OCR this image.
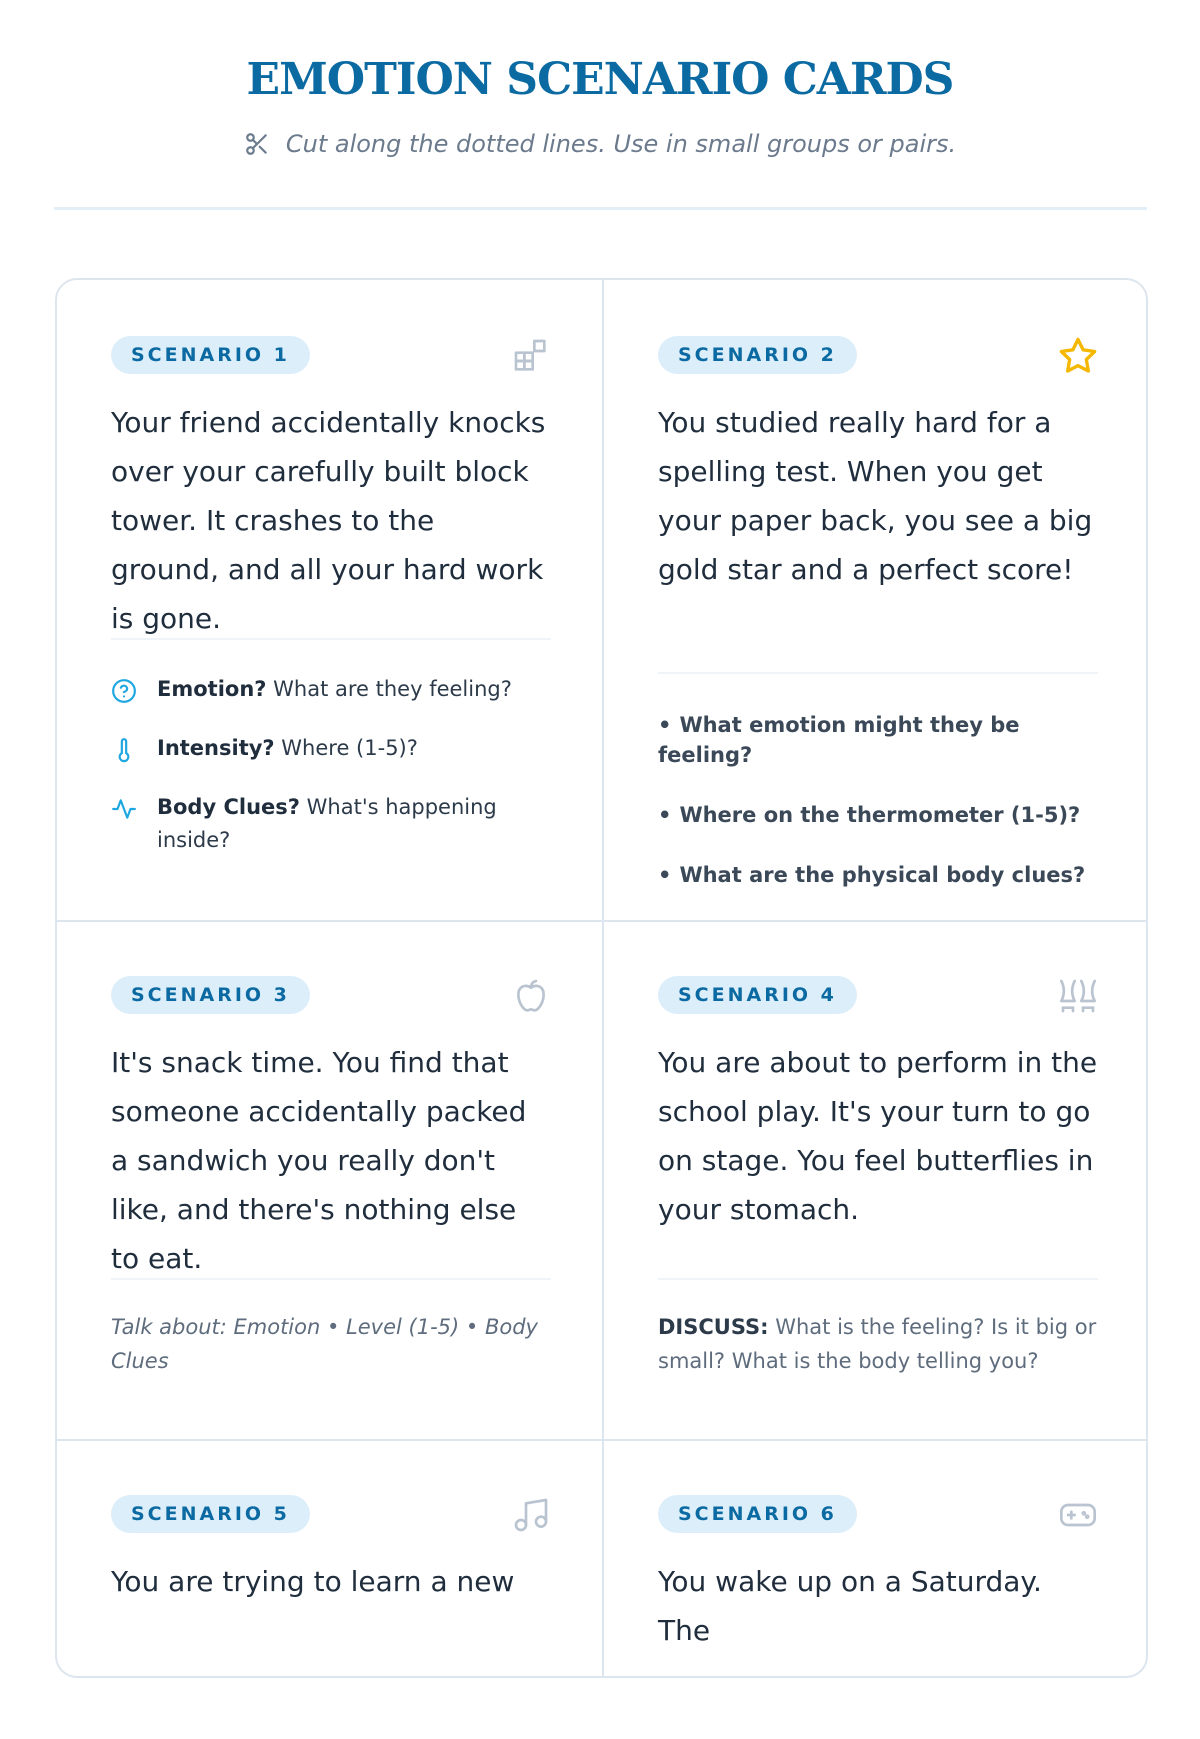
EMOTION SCENARIO CARDS
Cut along the dotted lines. Use in small groups or pairs.
SCENARIO 1
Your friend accidentally knocks over your carefully built block tower. It crashes to the ground, and all your hard work is gone.
Emotion? What are they feeling?
Intensity? Where (1-5)?
Body Clues? What's happening inside?
SCENARIO 2
You studied really hard for a spelling test. When you get your paper back, you see a big gold star and a perfect score!
• What emotion might they be feeling?
• Where on the thermometer (1-5)?
• What are the physical body clues?
SCENARIO 3
It's snack time. You find that someone accidentally packed a sandwich you really don't like, and there's nothing else to eat.
Talk about: Emotion • Level (1-5) • Body Clues
SCENARIO 4
You are about to perform in the school play. It's your turn to go on stage. You feel butterflies in your stomach.
DISCUSS: What is the feeling? Is it big or small? What is the body telling you?
SCENARIO 5
You are trying to learn a new
SCENARIO 6
You wake up on a Saturday. The
